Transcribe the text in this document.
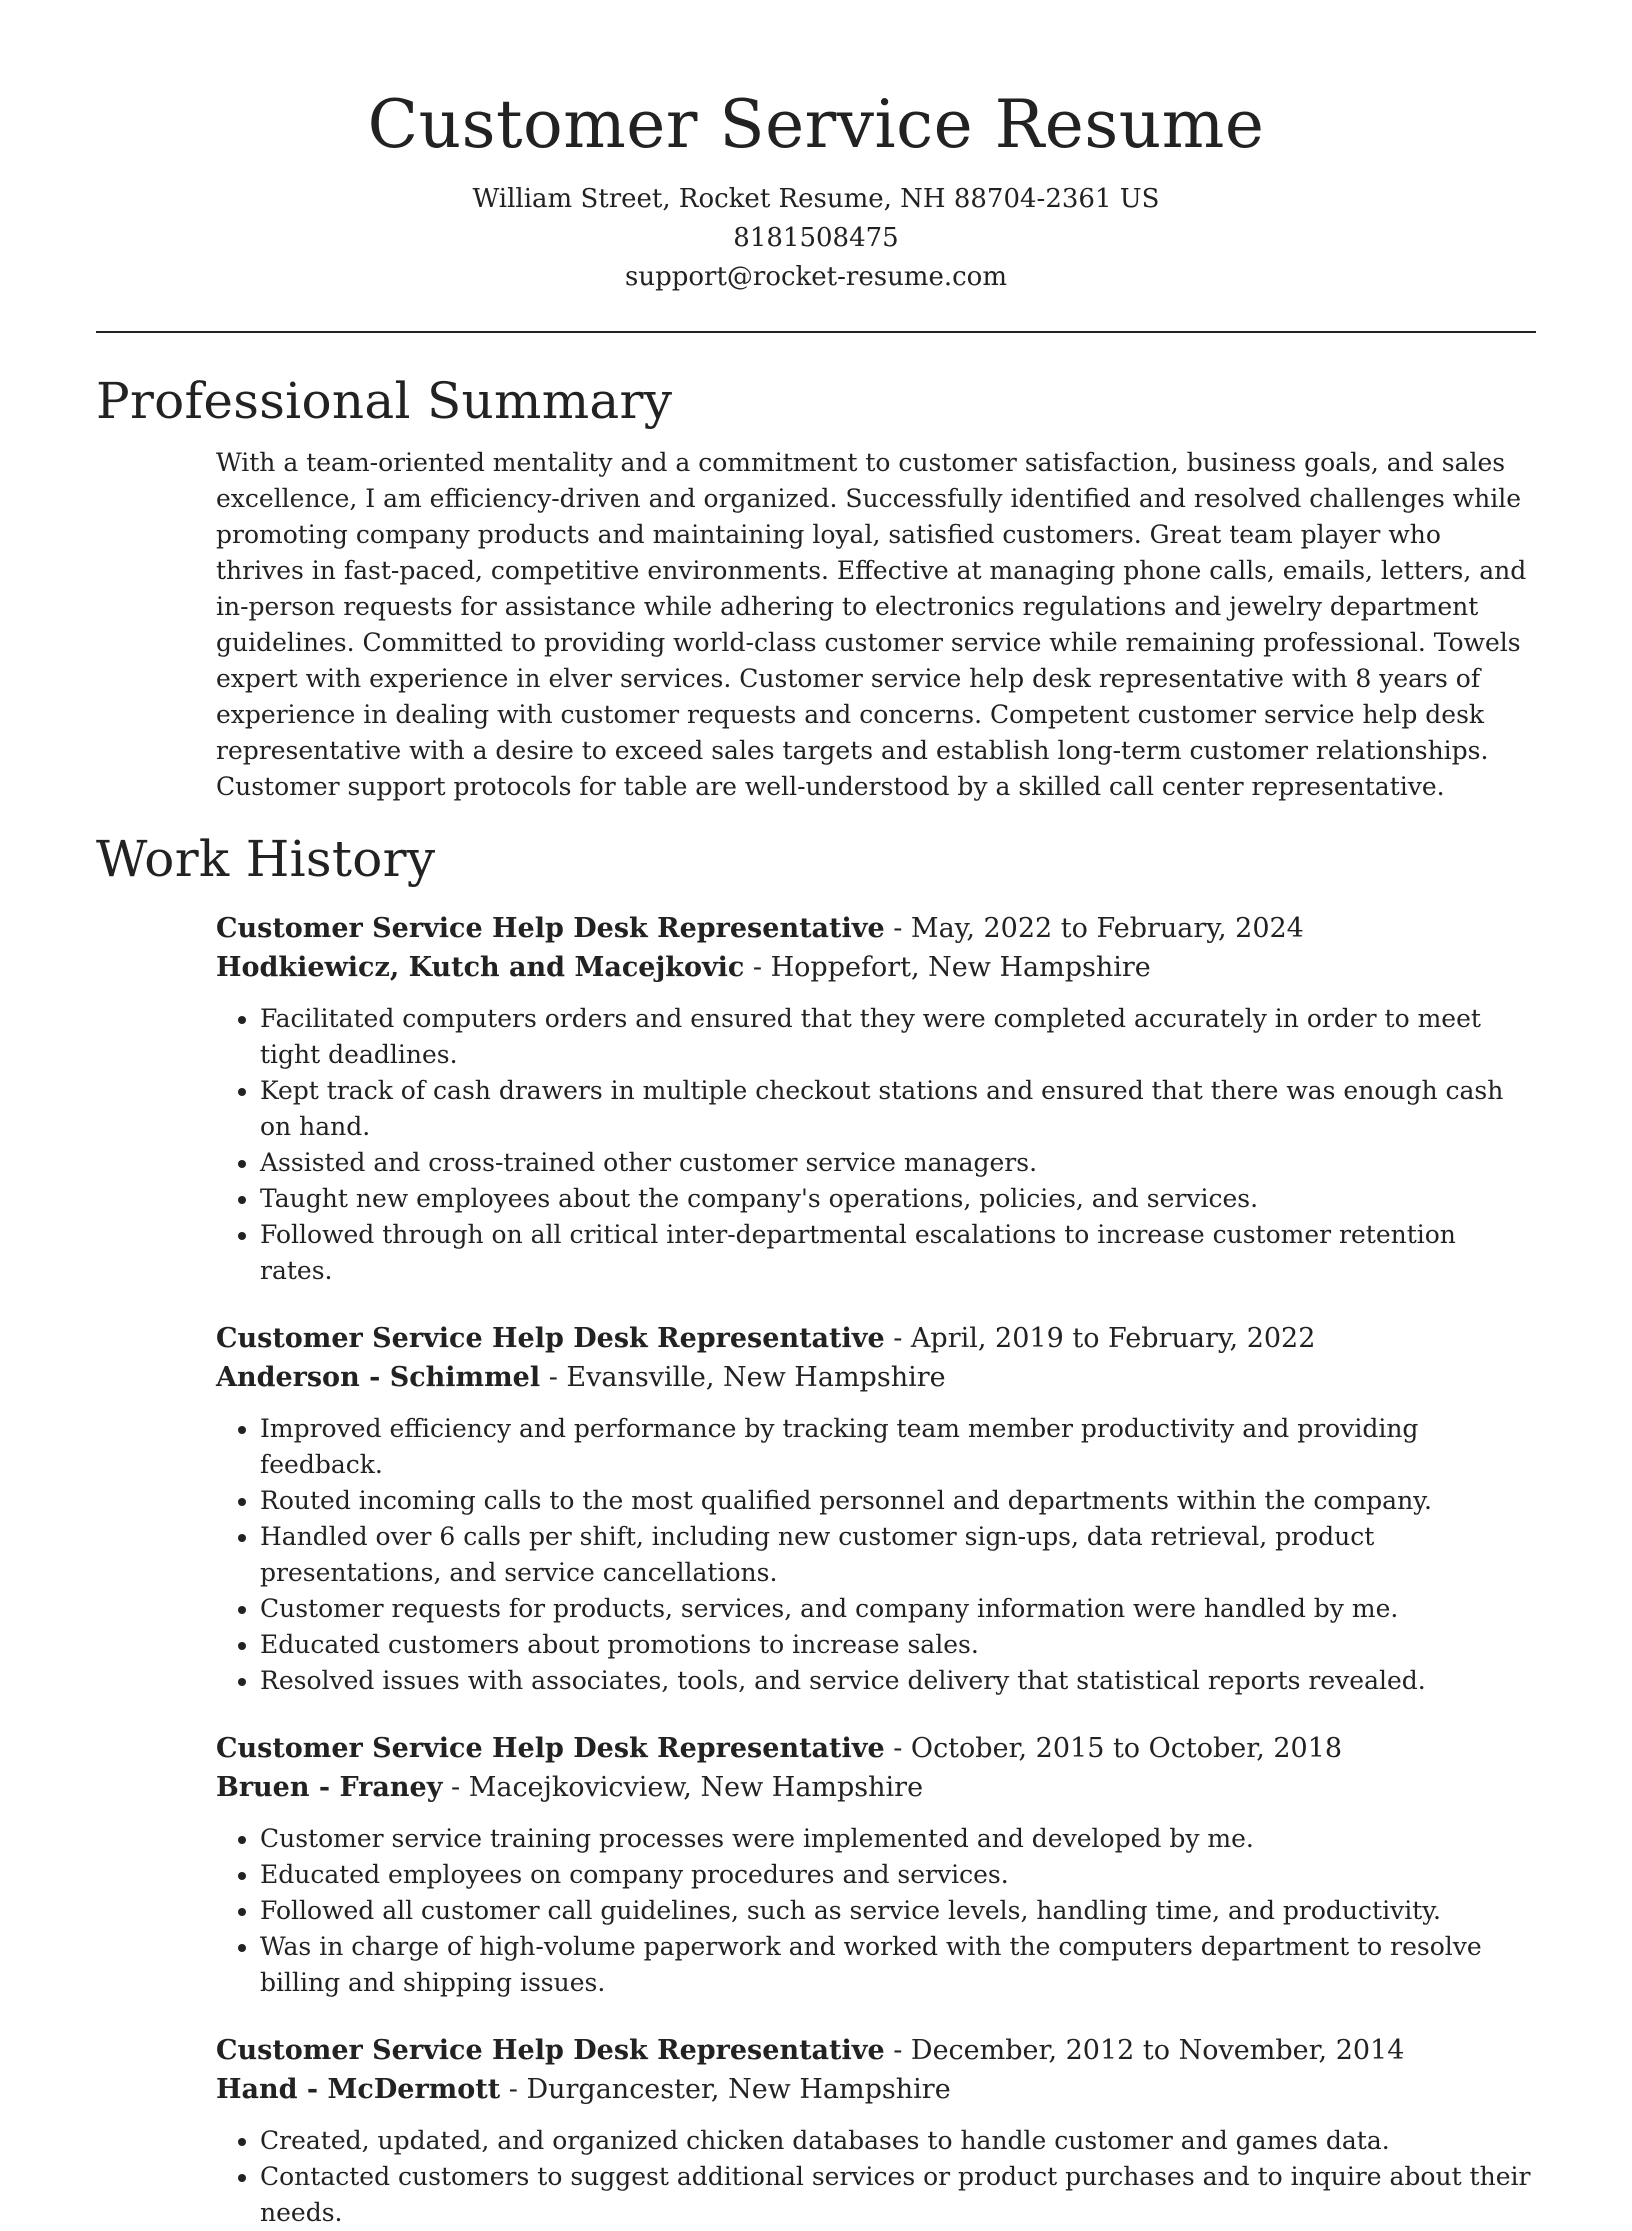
Customer Service Resume
William Street, Rocket Resume, NH 88704-2361 US
8181508475
support@rocket-resume.com
Professional Summary
With a team-oriented mentality and a commitment to customer satisfaction, business goals, and sales excellence, I am efficiency-driven and organized. Successfully identified and resolved challenges while promoting company products and maintaining loyal, satisfied customers. Great team player who thrives in fast-paced, competitive environments. Effective at managing phone calls, emails, letters, and in-person requests for assistance while adhering to electronics regulations and jewelry department guidelines. Committed to providing world-class customer service while remaining professional. Towels expert with experience in elver services. Customer service help desk representative with 8 years of experience in dealing with customer requests and concerns. Competent customer service help desk representative with a desire to exceed sales targets and establish long-term customer relationships. Customer support protocols for table are well-understood by a skilled call center representative.
Work History
Customer Service Help Desk Representative - May, 2022 to February, 2024
Hodkiewicz, Kutch and Macejkovic - Hoppefort, New Hampshire
• Facilitated computers orders and ensured that they were completed accurately in order to meet tight deadlines.
• Kept track of cash drawers in multiple checkout stations and ensured that there was enough cash on hand.
• Assisted and cross-trained other customer service managers.
• Taught new employees about the company's operations, policies, and services.
• Followed through on all critical inter-departmental escalations to increase customer retention rates.
Customer Service Help Desk Representative - April, 2019 to February, 2022
Anderson - Schimmel - Evansville, New Hampshire
• Improved efficiency and performance by tracking team member productivity and providing feedback.
• Routed incoming calls to the most qualified personnel and departments within the company.
• Handled over 6 calls per shift, including new customer sign-ups, data retrieval, product presentations, and service cancellations.
• Customer requests for products, services, and company information were handled by me.
• Educated customers about promotions to increase sales.
• Resolved issues with associates, tools, and service delivery that statistical reports revealed.
Customer Service Help Desk Representative - October, 2015 to October, 2018
Bruen - Franey - Macejkovicview, New Hampshire
• Customer service training processes were implemented and developed by me.
• Educated employees on company procedures and services.
• Followed all customer call guidelines, such as service levels, handling time, and productivity.
• Was in charge of high-volume paperwork and worked with the computers department to resolve billing and shipping issues.
Customer Service Help Desk Representative - December, 2012 to November, 2014
Hand - McDermott - Durgancester, New Hampshire
• Created, updated, and organized chicken databases to handle customer and games data.
• Contacted customers to suggest additional services or product purchases and to inquire about their needs.
